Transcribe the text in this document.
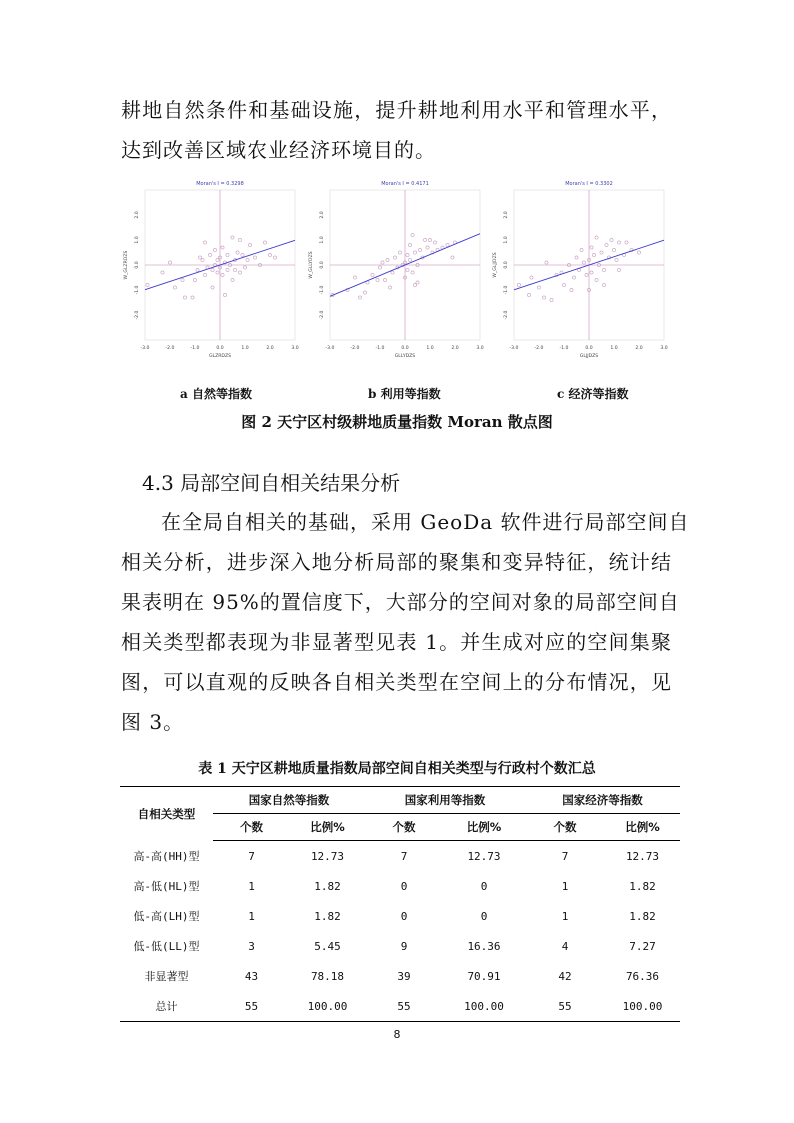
耕地自然条件和基础设施，提升耕地利用水平和管理水平，
达到改善区域农业经济环境目的。
Moran's I = 0.3298
-3.0	-2.0	-1.0	0.0	1.0	2.0	3.0
-2.0
-1.0
0.0
1.0
2.0
GLZRDZS
W_GLZRDZS
Moran's I = 0.4171
-3.0	-2.0	-1.0	0.0	1.0	2.0	3.0
-2.0
-1.0
0.0
1.0
2.0
GLLYDZS
W_GLLYDZS
Moran's I = 0.3302
-3.0	-2.0	-1.0	0.0	1.0	2.0	3.0
-2.0
-1.0
0.0
1.0
2.0
GLJJDZS
W_GLJJDZS
a 自然等指数	b 利用等指数	c 经济等指数
图 2 天宁区村级耕地质量指数 Moran 散点图
4.3 局部空间自相关结果分析
在全局自相关的基础，采用 GeoDa 软件进行局部空间自
相关分析，进步深入地分析局部的聚集和变异特征，统计结
果表明在 95%的置信度下，大部分的空间对象的局部空间自
相关类型都表现为非显著型见表 1。并生成对应的空间集聚
图，可以直观的反映各自相关类型在空间上的分布情况，见
图 3。
表 1 天宁区耕地质量指数局部空间自相关类型与行政村个数汇总
自相关类型	国家自然等指数		国家利用等指数		国家经济等指数	
	个数	比例%	个数	比例%	个数	比例%
高-高(HH)型	7	12.73	7	12.73	7	12.73
高-低(HL)型	1	1.82	0	0	1	1.82
低-高(LH)型	1	1.82	0	0	1	1.82
低-低(LL)型	3	5.45	9	16.36	4	7.27
非显著型	43	78.18	39	70.91	42	76.36
总计	55	100.00	55	100.00	55	100.00
8
